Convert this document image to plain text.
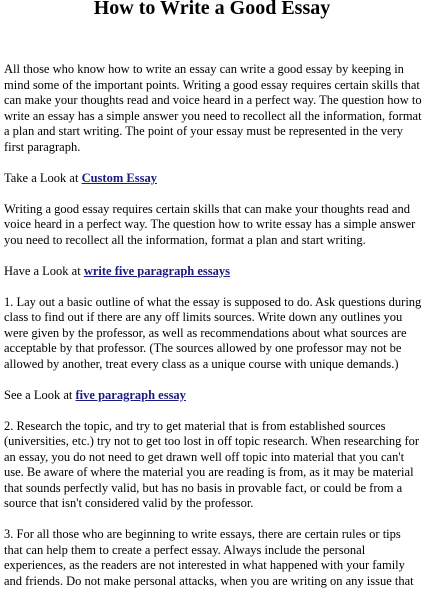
How to Write a Good Essay

All those who know how to write an essay can write a good essay by keeping in mind some of the important points. Writing a good essay requires certain skills that can make your thoughts read and voice heard in a perfect way. The question how to write an essay has a simple answer you need to recollect all the information, format a plan and start writing. The point of your essay must be represented in the very first paragraph.

Take a Look at Custom Essay

Writing a good essay requires certain skills that can make your thoughts read and voice heard in a perfect way. The question how to write essay has a simple answer you need to recollect all the information, format a plan and start writing.

Have a Look at write five paragraph essays

1. Lay out a basic outline of what the essay is supposed to do. Ask questions during class to find out if there are any off limits sources. Write down any outlines you were given by the professor, as well as recommendations about what sources are acceptable by that professor. (The sources allowed by one professor may not be allowed by another, treat every class as a unique course with unique demands.)

See a Look at five paragraph essay

2. Research the topic, and try to get material that is from established sources (universities, etc.) try not to get too lost in off topic research. When researching for an essay, you do not need to get drawn well off topic into material that you can't use. Be aware of where the material you are reading is from, as it may be material that sounds perfectly valid, but has no basis in provable fact, or could be from a source that isn't considered valid by the professor.

3. For all those who are beginning to write essays, there are certain rules or tips that can help them to create a perfect essay. Always include the personal experiences, as the readers are not interested in what happened with your family and friends. Do not make personal attacks, when you are writing on any issue that
